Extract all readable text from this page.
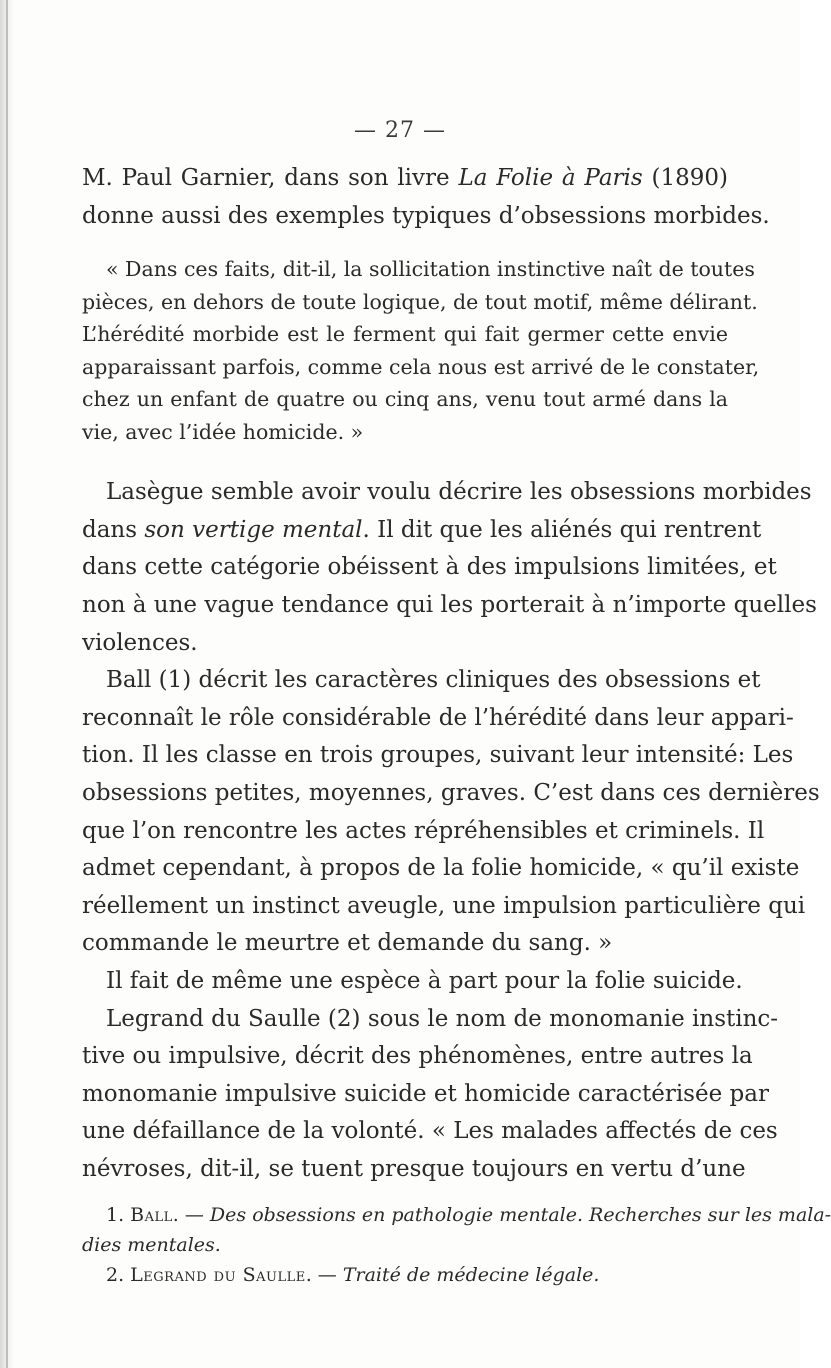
— 27 —
M. Paul Garnier, dans son livre La Folie à Paris (1890)
donne aussi des exemples typiques d’obsessions morbides.
« Dans ces faits, dit-il, la sollicitation instinctive naît de toutes
pièces, en dehors de toute logique, de tout motif, même délirant.
L’hérédité morbide est le ferment qui fait germer cette envie
apparaissant parfois, comme cela nous est arrivé de le constater,
chez un enfant de quatre ou cinq ans, venu tout armé dans la
vie, avec l’idée homicide. »
Lasègue semble avoir voulu décrire les obsessions morbides
dans son vertige mental. Il dit que les aliénés qui rentrent
dans cette catégorie obéissent à des impulsions limitées, et
non à une vague tendance qui les porterait à n’importe quelles
violences.
Ball (1) décrit les caractères cliniques des obsessions et
reconnaît le rôle considérable de l’hérédité dans leur appari-
tion. Il les classe en trois groupes, suivant leur intensité: Les
obsessions petites, moyennes, graves. C’est dans ces dernières
que l’on rencontre les actes répréhensibles et criminels. Il
admet cependant, à propos de la folie homicide, « qu’il existe
réellement un instinct aveugle, une impulsion particulière qui
commande le meurtre et demande du sang. »
Il fait de même une espèce à part pour la folie suicide.
Legrand du Saulle (2) sous le nom de monomanie instinc-
tive ou impulsive, décrit des phénomènes, entre autres la
monomanie impulsive suicide et homicide caractérisée par
une défaillance de la volonté. « Les malades affectés de ces
névroses, dit-il, se tuent presque toujours en vertu d’une
1. Ball. — Des obsessions en pathologie mentale. Recherches sur les mala-
dies mentales.
2. Legrand du Saulle. — Traité de médecine légale.
